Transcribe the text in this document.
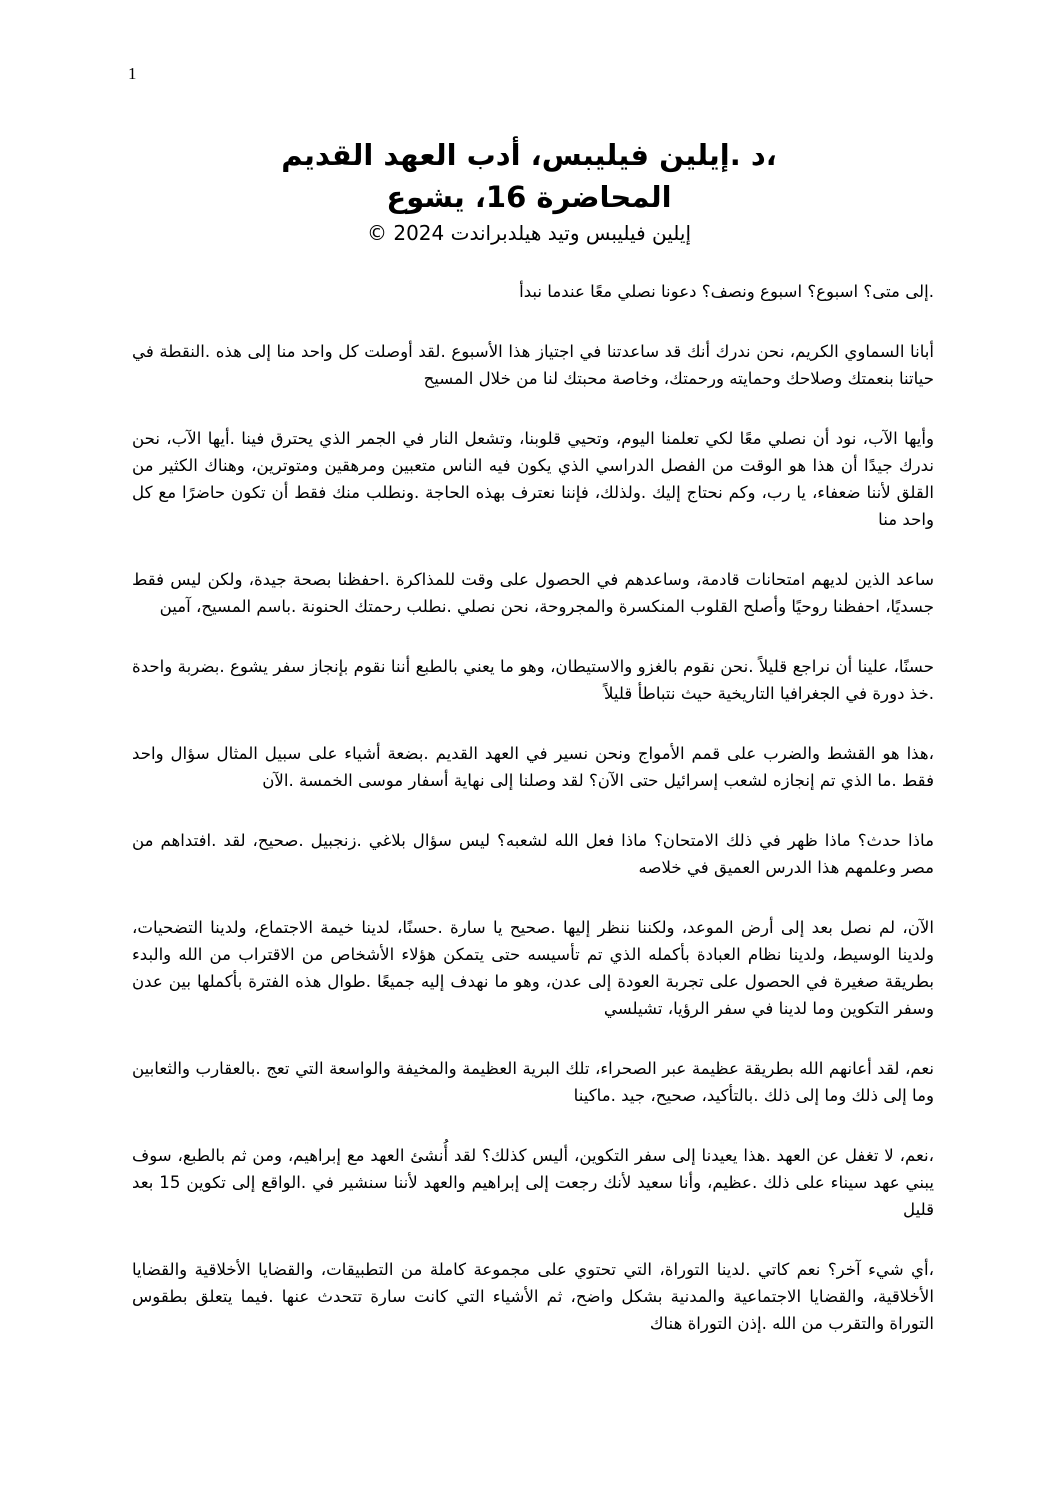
1
،د .إيلين فيليبس، أدب العهد القديم
المحاضرة 16، يشوع
إيلين فيليبس وتيد هيلدبراندت 2024 ©

.إلى متى؟ اسبوع؟ اسبوع ونصف؟ دعونا نصلي معًا عندما نبدأ

أبانا السماوي الكريم، نحن ندرك أنك قد ساعدتنا في اجتياز هذا الأسبوع .لقد أوصلت كل واحد منا إلى هذه .النقطة في حياتنا بنعمتك وصلاحك وحمايته ورحمتك، وخاصة محبتك لنا من خلال المسيح

وأيها الآب، نود أن نصلي معًا لكي تعلمنا اليوم، وتحيي قلوبنا، وتشعل النار في الجمر الذي يحترق فينا .أيها الآب، نحن ندرك جيدًا أن هذا هو الوقت من الفصل الدراسي الذي يكون فيه الناس متعبين ومرهقين ومتوترين، وهناك الكثير من القلق لأننا ضعفاء، يا رب، وكم نحتاج إليك .ولذلك، فإننا نعترف بهذه الحاجة .ونطلب منك فقط أن تكون حاضرًا مع كل واحد منا

ساعد الذين لديهم امتحانات قادمة، وساعدهم في الحصول على وقت للمذاكرة .احفظنا بصحة جيدة، ولكن ليس فقط جسديًا، احفظنا روحيًا وأصلح القلوب المنكسرة والمجروحة، نحن نصلي .نطلب رحمتك الحنونة .باسم المسيح، آمين

حسنًا، علينا أن نراجع قليلاً .نحن نقوم بالغزو والاستيطان، وهو ما يعني بالطبع أننا نقوم بإنجاز سفر يشوع .بضربة واحدة .خذ دورة في الجغرافيا التاريخية حيث نتباطأ قليلاً

،هذا هو القشط والضرب على قمم الأمواج ونحن نسير في العهد القديم .بضعة أشياء على سبيل المثال سؤال واحد فقط .ما الذي تم إنجازه لشعب إسرائيل حتى الآن؟ لقد وصلنا إلى نهاية أسفار موسى الخمسة .الآن

ماذا حدث؟ ماذا ظهر في ذلك الامتحان؟ ماذا فعل الله لشعبه؟ ليس سؤال بلاغي .زنجبيل .صحيح، لقد .افتداهم من مصر وعلمهم هذا الدرس العميق في خلاصه

الآن، لم نصل بعد إلى أرض الموعد، ولكننا ننظر إليها .صحيح يا سارة .حسنًا، لدينا خيمة الاجتماع، ولدينا التضحيات، ولدينا الوسيط، ولدينا نظام العبادة بأكمله الذي تم تأسيسه حتى يتمكن هؤلاء الأشخاص من الاقتراب من الله والبدء بطريقة صغيرة في الحصول على تجربة العودة إلى عدن، وهو ما نهدف إليه جميعًا .طوال هذه الفترة بأكملها بين عدن وسفر التكوين وما لدينا في سفر الرؤيا، تشيلسي

نعم، لقد أعانهم الله بطريقة عظيمة عبر الصحراء، تلك البرية العظيمة والمخيفة والواسعة التي تعج .بالعقارب والثعابين وما إلى ذلك وما إلى ذلك .بالتأكيد، صحيح، جيد .ماكينا

،نعم، لا تغفل عن العهد .هذا يعيدنا إلى سفر التكوين، أليس كذلك؟ لقد أُنشئ العهد مع إبراهيم، ومن ثم بالطبع، سوف يبني عهد سيناء على ذلك .عظيم، وأنا سعيد لأنك رجعت إلى إبراهيم والعهد لأننا سنشير في .الواقع إلى تكوين 15 بعد قليل

،أي شيء آخر؟ نعم كاتي .لدينا التوراة، التي تحتوي على مجموعة كاملة من التطبيقات، والقضايا الأخلاقية والقضايا الأخلاقية، والقضايا الاجتماعية والمدنية بشكل واضح، ثم الأشياء التي كانت سارة تتحدث عنها .فيما يتعلق بطقوس التوراة والتقرب من الله .إذن التوراة هناك
